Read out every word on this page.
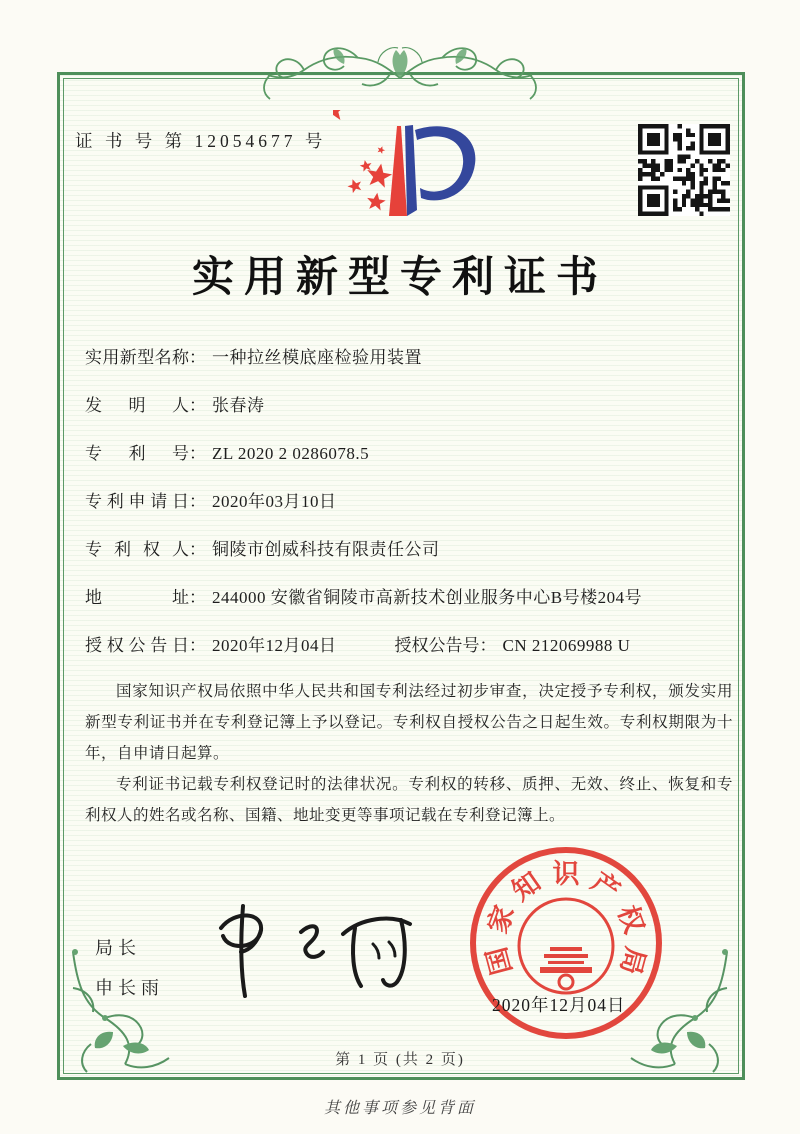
证 书 号 第 12054677 号
实用新型专利证书
实用新型名称 ： 一种拉丝模底座检验用装置
发明人 ： 张春涛
专利号 ： ZL 2020 2 0286078.5
专利申请日 ： 2020年03月10日
专利权人 ： 铜陵市创威科技有限责任公司
地址 ： 244000 安徽省铜陵市高新技术创业服务中心B号楼204号
授权公告日 ： 2020年12月04日	授权公告号 ： CN 212069988 U

国家知识产权局依照中华人民共和国专利法经过初步审查，决定授予专利权，颁发实用新型专利证书并在专利登记簿上予以登记。专利权自授权公告之日起生效。专利权期限为十年，自申请日起算。

专利证书记载专利权登记时的法律状况。专利权的转移、质押、无效、终止、恢复和专利权人的姓名或名称、国籍、地址变更等事项记载在专利登记簿上。

局长
申长雨
国
家
知 识 产
权
局
2020年12月04日
第 1 页 (共 2 页)
其他事项参见背面
